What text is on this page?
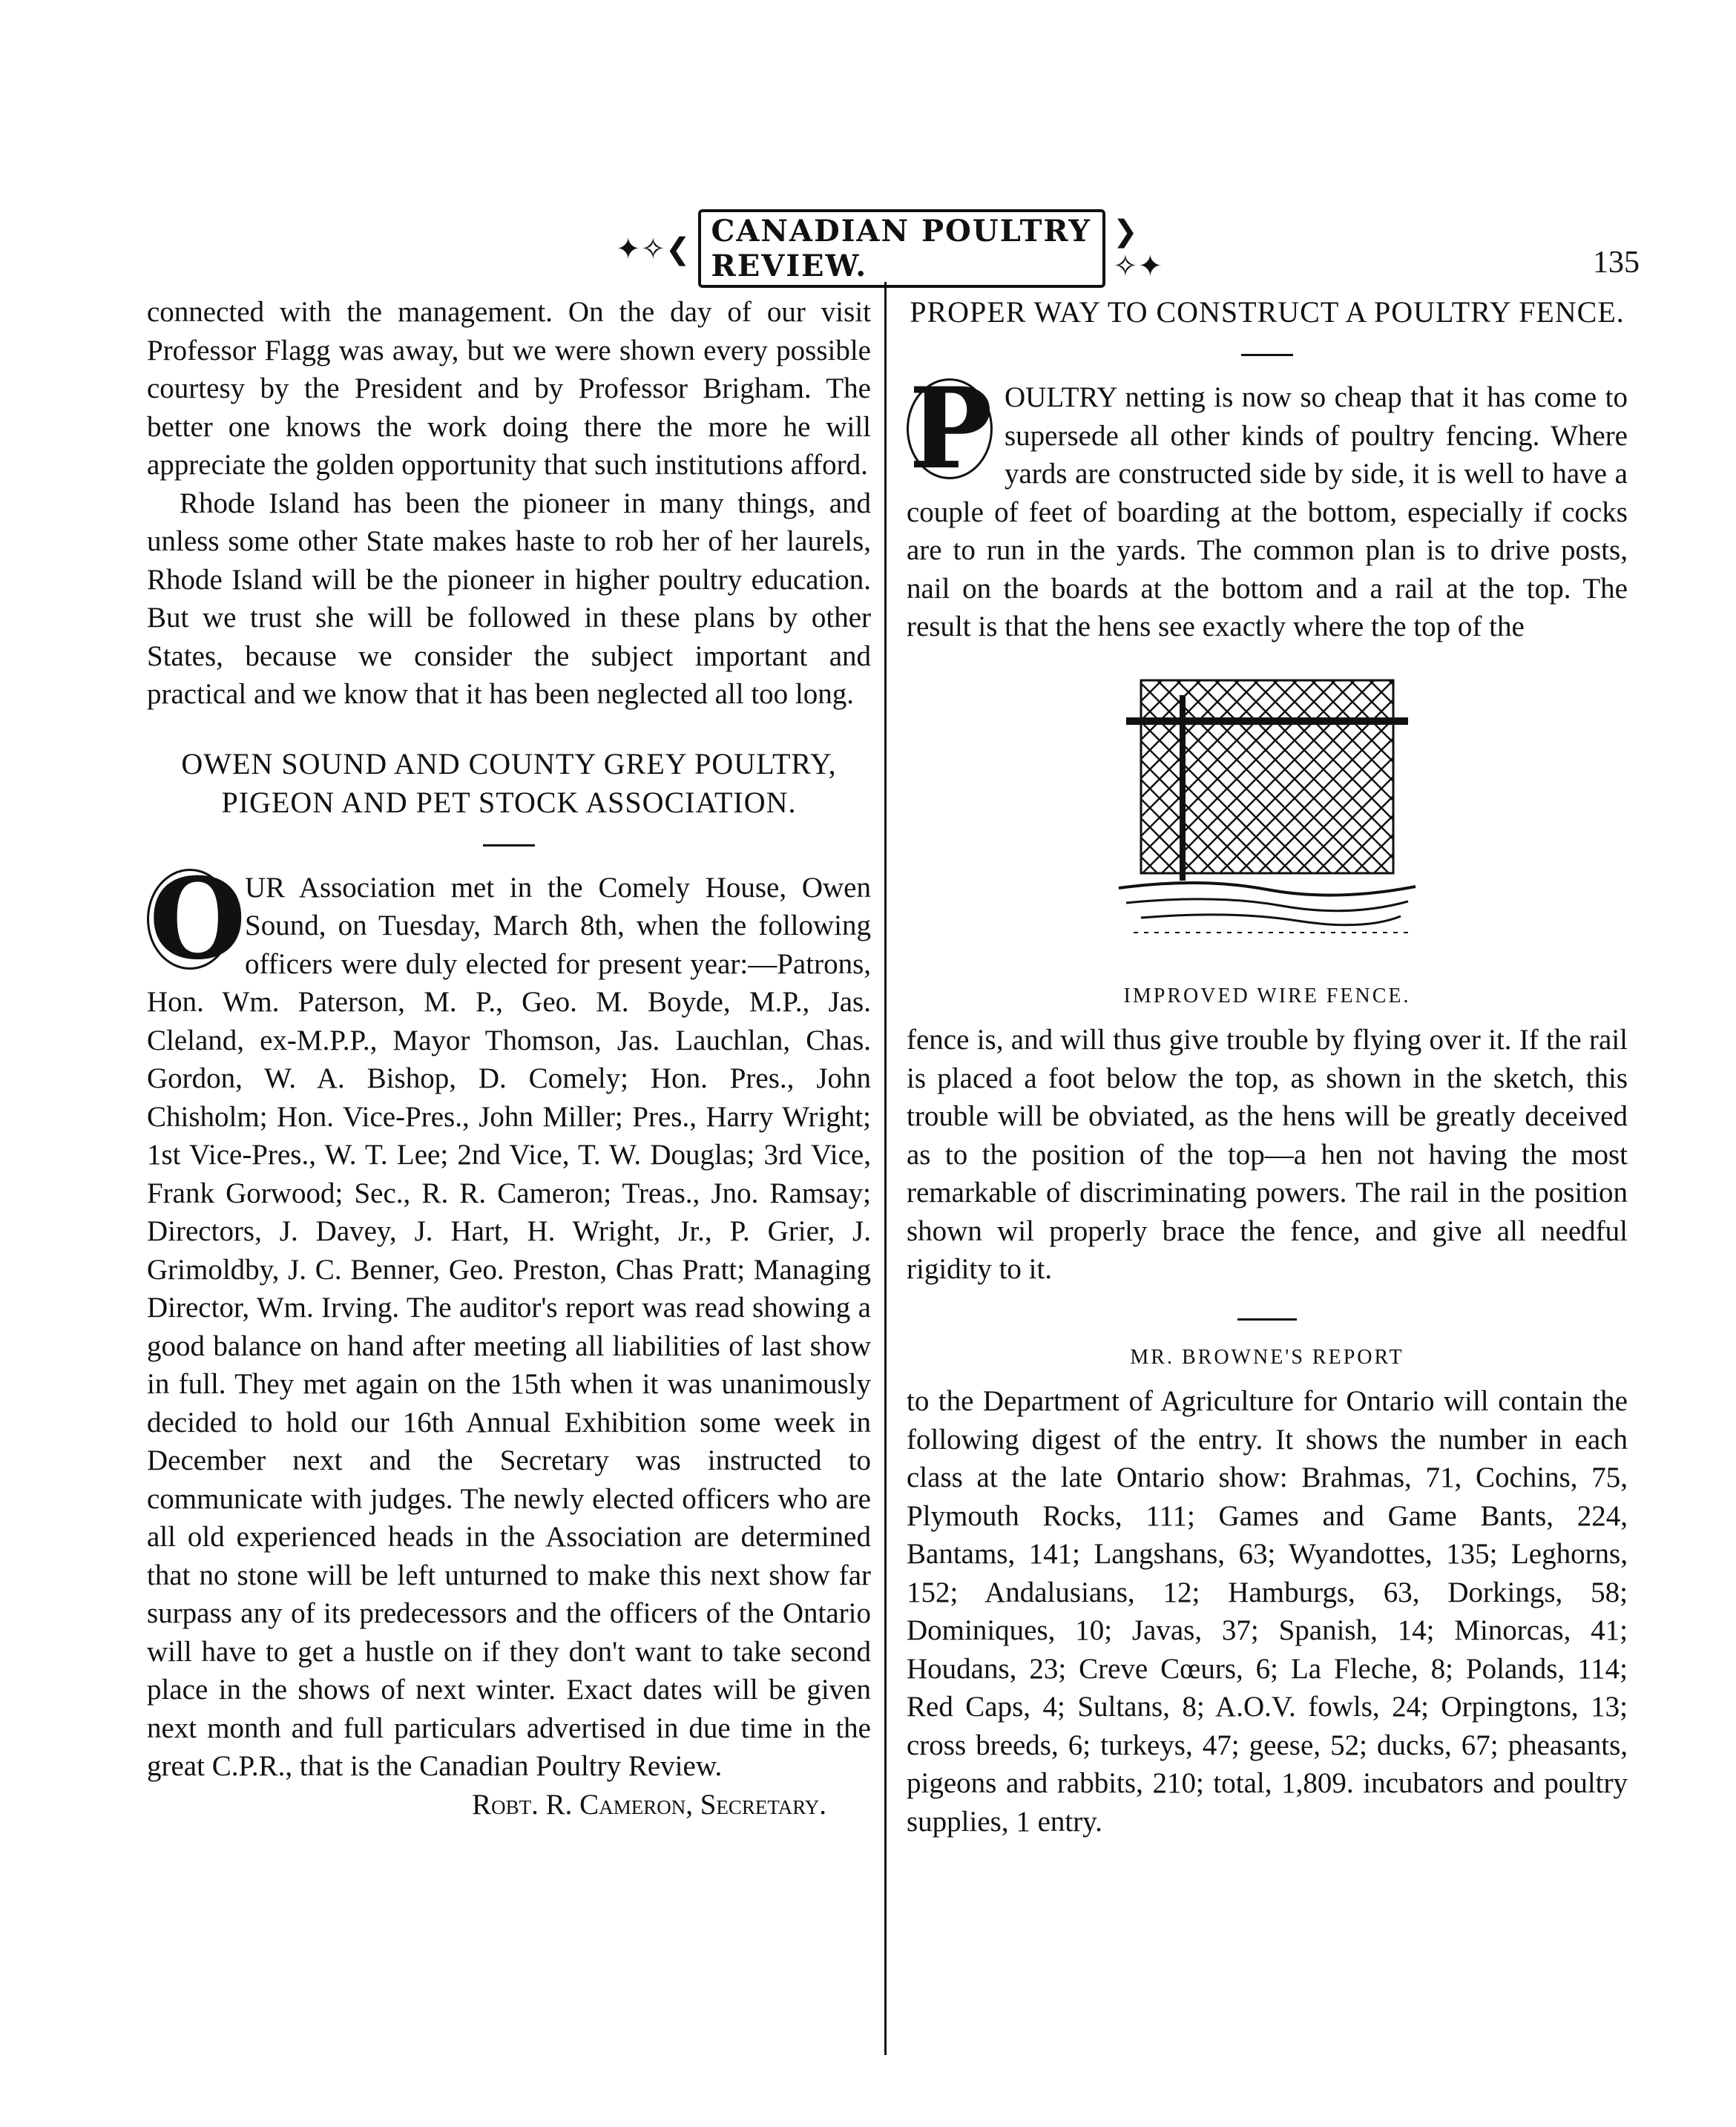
✦✧❮ CANADIAN POULTRY REVIEW.
❯✧✦	135

connected with the management. On the day of our visit Professor Flagg was away, but we were shown every possible courtesy by the President and by Professor Brigham. The better one knows the work doing there the more he will appreciate the golden opportunity that such institutions afford.

Rhode Island has been the pioneer in many things, and unless some other State makes haste to rob her of her laurels, Rhode Island will be the pioneer in higher poultry education. But we trust she will be followed in these plans by other States, because we consider the subject important and practical and we know that it has been neglected all too long.

OWEN SOUND AND COUNTY GREY POULTRY, PIGEON AND PET STOCK ASSOCIATION.

O
UR Association met in the Comely House, Owen Sound, on Tuesday, March 8th, when the following officers were duly elected for present year:—Patrons, Hon. Wm. Paterson, M. P., Geo. M. Boyde, M.P., Jas. Cleland, ex-M.P.P., Mayor Thomson, Jas. Lauchlan, Chas. Gordon, W. A. Bishop, D. Comely; Hon. Pres., John Chisholm; Hon. Vice-Pres., John Miller; Pres., Harry Wright; 1st Vice-Pres., W. T. Lee; 2nd Vice, T. W. Douglas; 3rd Vice, Frank Gorwood; Sec., R. R. Cameron; Treas., Jno. Ramsay; Directors, J. Davey, J. Hart, H. Wright, Jr., P. Grier, J. Grimoldby, J. C. Benner, Geo. Preston, Chas Pratt; Managing Director, Wm. Irving. The auditor's report was read showing a good balance on hand after meeting all liabilities of last show in full. They met again on the 15th when it was unanimously decided to hold our 16th Annual Exhibition some week in December next and the Secretary was instructed to communicate with judges. The newly elected officers who are all old experienced heads in the Association are determined that no stone will be left unturned to make this next show far surpass any of its predecessors and the officers of the Ontario will have to get a hustle on if they don't want to take second place in the shows of next winter. Exact dates will be given next month and full particulars advertised in due time in the great C.P.R., that is the Canadian Poultry Review.

Robt. R. Cameron, Secretary.

PROPER WAY TO CONSTRUCT A POULTRY FENCE.

P OULTRY netting is now so cheap that it has come to supersede all other kinds of poultry fencing. Where yards are constructed side by side, it is well to have a couple of feet of boarding at the bottom, especially if cocks are to run in the yards. The common plan is to drive posts, nail on the boards at the bottom and a rail at the top. The result is that the hens see exactly where the top of the

IMPROVED WIRE FENCE.

fence is, and will thus give trouble by flying over it. If the rail is placed a foot below the top, as shown in the sketch, this trouble will be obviated, as the hens will be greatly deceived as to the position of the top—a hen not having the most remarkable of discriminating powers. The rail in the position shown wil properly brace the fence, and give all needful rigidity to it.

MR. BROWNE'S REPORT

to the Department of Agriculture for Ontario will contain the following digest of the entry. It shows the number in each class at the late Ontario show: Brahmas, 71, Cochins, 75, Plymouth Rocks, 111; Games and Game Bants, 224, Bantams, 141; Langshans, 63; Wyandottes, 135; Leghorns, 152; Andalusians, 12; Hamburgs, 63, Dorkings, 58; Dominiques, 10; Javas, 37; Spanish, 14; Minorcas, 41; Houdans, 23; Creve Cœurs, 6; La Fleche, 8; Polands, 114; Red Caps, 4; Sultans, 8; A.O.V. fowls, 24; Orpingtons, 13; cross breeds, 6; turkeys, 47; geese, 52; ducks, 67; pheasants, pigeons and rabbits, 210; total, 1,809. incubators and poultry supplies, 1 entry.
